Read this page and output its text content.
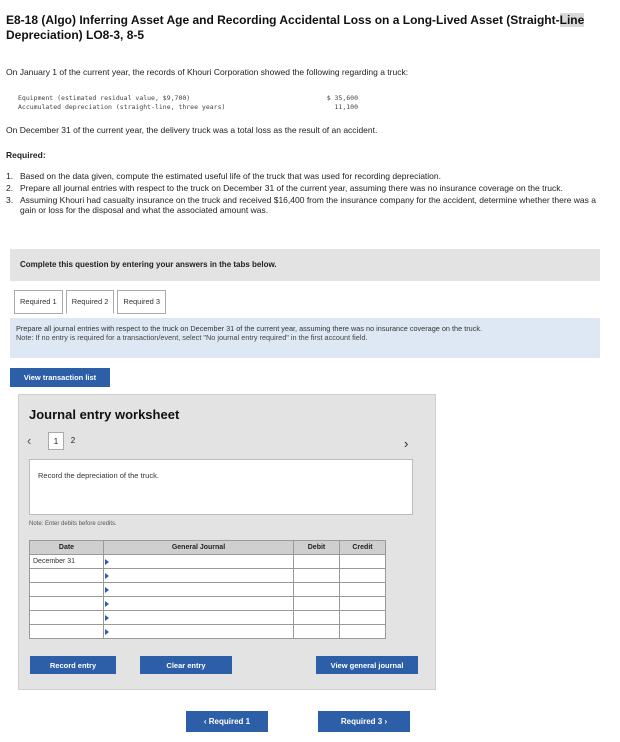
E8-18 (Algo) Inferring Asset Age and Recording Accidental Loss on a Long-Lived Asset (Straight-Line Depreciation) LO8-3, 8-5
On January 1 of the current year, the records of Khouri Corporation showed the following regarding a truck:
Equipment (estimated residual value, $9,700)	$ 35,600
Accumulated depreciation (straight-line, three years)	11,100
On December 31 of the current year, the delivery truck was a total loss as the result of an accident.
Required:
1. Based on the data given, compute the estimated useful life of the truck that was used for recording depreciation.
2. Prepare all journal entries with respect to the truck on December 31 of the current year, assuming there was no insurance coverage on the truck.
3. Assuming Khouri had casualty insurance on the truck and received $16,400 from the insurance company for the accident, determine whether there was a gain or loss for the disposal and what the associated amount was.
Complete this question by entering your answers in the tabs below.
Required 1	Required 2	Required 3
Prepare all journal entries with respect to the truck on December 31 of the current year, assuming there was no insurance coverage on the truck.
Note: If no entry is required for a transaction/event, select "No journal entry required" in the first account field.
View transaction list
Journal entry worksheet
‹	1	2
Record the depreciation of the truck.
Note: Enter debits before credits.
Date	General Journal	Debit	Credit
December 31			

›
Record entry	Clear entry	View general journal
‹ Required 1	Required 3 ›
